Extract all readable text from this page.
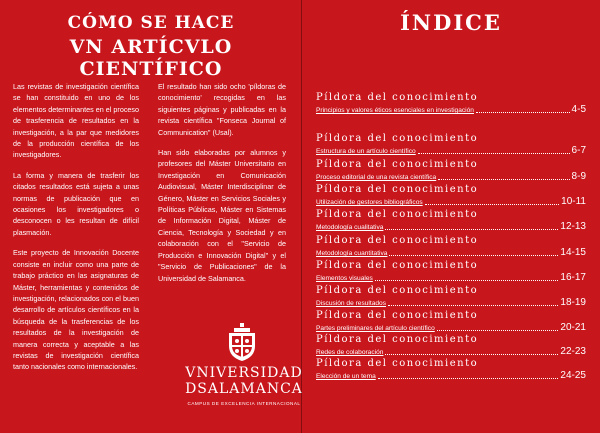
CÓMO SE HACE
VN ARTÍCVLO CIENTÍFICO

Las revistas de investigación científica se han constituido en uno de los elementos determinantes en el proceso de trasferencia de resultados en la investigación, a la par que medidores de la producción científica de los investigadores.

La forma y manera de trasferir los citados resultados está sujeta a unas normas de publicación que en ocasiones los investigadores o desconocen o les resultan de difícil plasmación.

Este proyecto de Innovación Docente consiste en incluir como una parte de trabajo práctico en las asignaturas de Máster, herramientas y contenidos de investigación, relacionados con el buen desarrollo de artículos científicos en la búsqueda de la trasferencias de los resultados de la investigación de manera correcta y aceptable a las revistas de investigación científica tanto nacionales como internacionales.

El resultado han sido ocho 'píldoras de conocimiento' recogidas en las siguientes páginas y publicadas en la revista científica "Fonseca Journal of Communication" (Usal).

Han sido elaboradas por alumnos y profesores del Máster Universitario en Investigación en Comunicación Audiovisual, Máster Interdisciplinar de Género, Máster en Servicios Sociales y Políticas Públicas, Máster en Sistemas de Información Digital, Máster de Ciencia, Tecnología y Sociedad y en colaboración con el "Servicio de Producción e Innovación Digital" y el "Servicio de Publicaciones" de la Universidad de Salamanca.

VNIVERSIDAD
DSALAMANCA
CAMPUS DE EXCELENCIA INTERNACIONAL
ÍNDICE
Píldora del conocimiento
Principios y valores éticos esenciales en investigación	4-5
Píldora del conocimiento
Estructura de un artículo científico	6-7
Píldora del conocimiento
Proceso editorial de una revista científica	8-9
Píldora del conocimiento
Utilización de gestores bibliográficos	10-11
Píldora del conocimiento
Metodología cualitativa	12-13
Píldora del conocimiento
Metodología cuantitativa	14-15
Píldora del conocimiento
Elementos visuales	16-17
Píldora del conocimiento
Discusión de resultados	18-19
Píldora del conocimiento
Partes preliminares del artículo científico	20-21
Píldora del conocimiento
Redes de colaboración	22-23
Píldora del conocimiento
Elección de un tema	24-25
